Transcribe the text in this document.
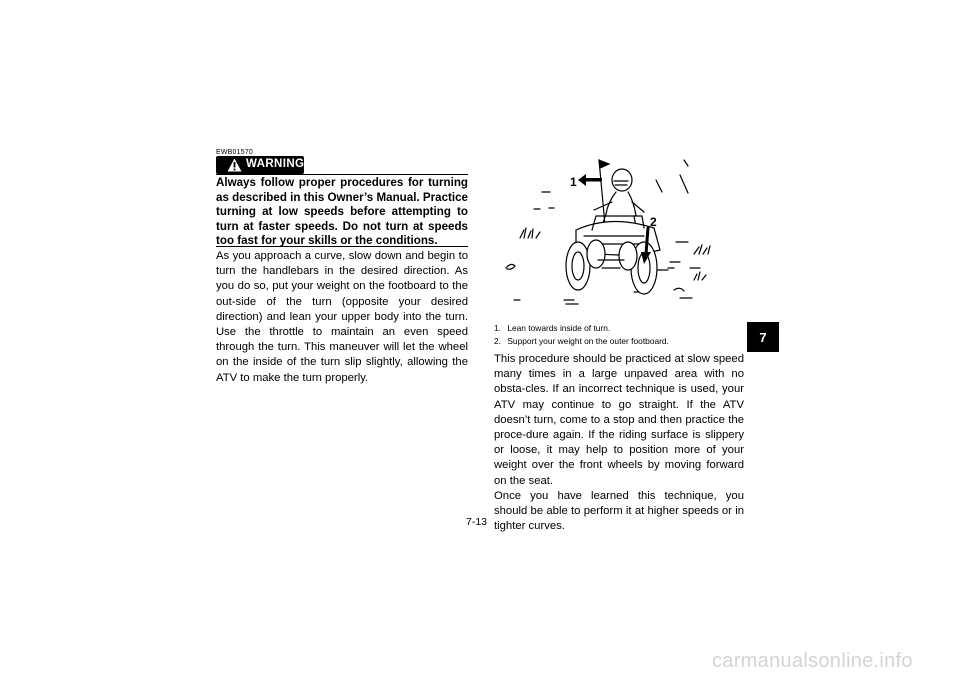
EWB01570
WARNING
Always follow proper procedures for turning as described in this Owner’s Manual. Practice turning at low speeds before attempting to turn at faster speeds. Do not turn at speeds too fast for your skills or the conditions.
As you approach a curve, slow down and begin to turn the handlebars in the desired direction. As you do so, put your weight on the footboard to the out-side of the turn (opposite your desired direction) and lean your upper body into the turn. Use the throttle to maintain an even speed through the turn. This maneuver will let the wheel on the inside of the turn slip slightly, allowing the ATV to make the turn properly.
1
2
1. Lean towards inside of turn.
2. Support your weight on the outer footboard.

This procedure should be practiced at slow speed many times in a large unpaved area with no obsta-cles. If an incorrect technique is used, your ATV may continue to go straight. If the ATV doesn’t turn, come to a stop and then practice the proce-dure again. If the riding surface is slippery or loose, it may help to position more of your weight over the front wheels by moving forward on the seat.

Once you have learned this technique, you should be able to perform it at higher speeds or in tighter curves.

7
7-13
carmanualsonline.info
